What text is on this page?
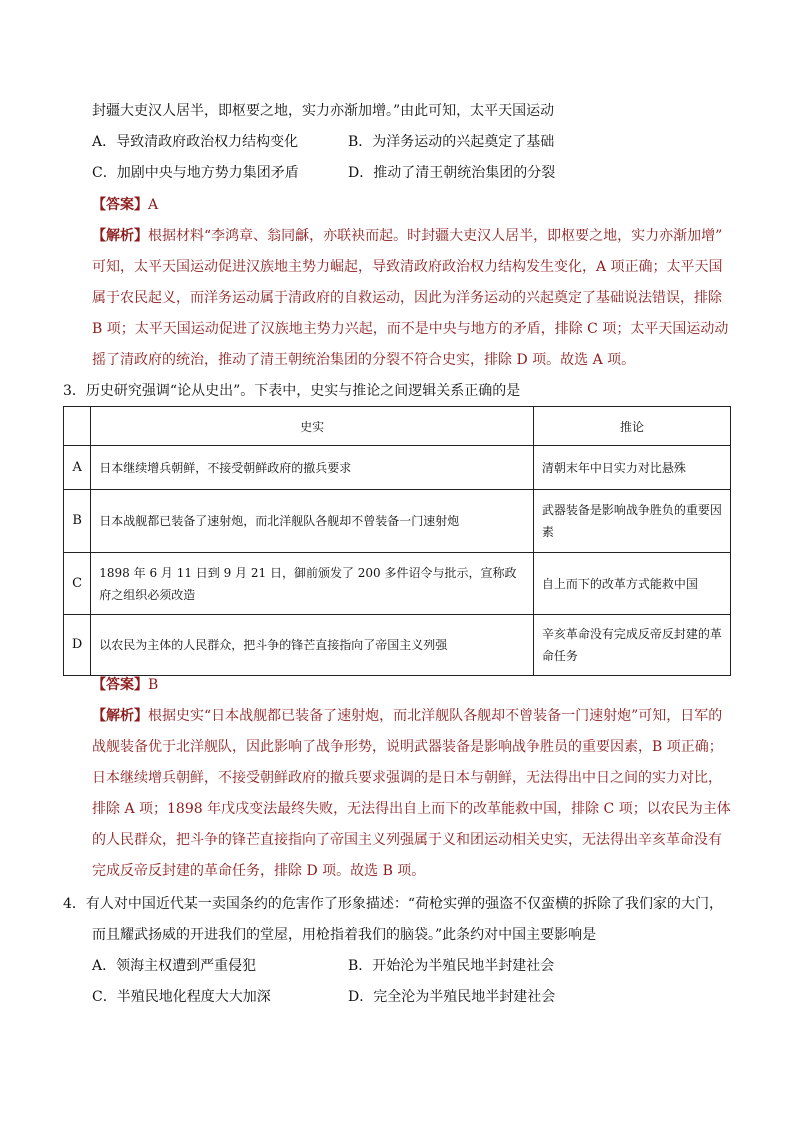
封疆大吏汉人居半，即枢要之地，实力亦渐加增。”由此可知，太平天国运动
A．导致清政府政治权力结构变化	B．为洋务运动的兴起奠定了基础
C．加剧中央与地方势力集团矛盾	D．推动了清王朝统治集团的分裂
【答案】A
【解析】根据材料“李鸿章、翁同龢，亦联袂而起。时封疆大吏汉人居半，即枢要之地，实力亦渐加增”
可知，太平天国运动促进汉族地主势力崛起，导致清政府政治权力结构发生变化，A 项正确；太平天国
属于农民起义，而洋务运动属于清政府的自救运动，因此为洋务运动的兴起奠定了基础说法错误，排除
B 项；太平天国运动促进了汉族地主势力兴起，而不是中央与地方的矛盾，排除 C 项；太平天国运动动
摇了清政府的统治，推动了清王朝统治集团的分裂不符合史实，排除 D 项。故选 A 项。
3．历史研究强调“论从史出”。下表中，史实与推论之间逻辑关系正确的是
	史实	推论
A	日本继续增兵朝鲜，不接受朝鲜政府的撤兵要求	清朝末年中日实力对比悬殊
B	日本战舰都已装备了速射炮，而北洋舰队各舰却不曾装备一门速射炮	武器装备是影响战争胜负的重要因素
C	1898 年 6 月 11 日到 9 月 21 日，御前颁发了 200 多件诏令与批示，宣称政府之组织必须改造	自上而下的改革方式能救中国
D	以农民为主体的人民群众，把斗争的锋芒直接指向了帝国主义列强	辛亥革命没有完成反帝反封建的革命任务
【答案】B
【解析】根据史实“日本战舰都已装备了速射炮，而北洋舰队各舰却不曾装备一门速射炮”可知，日军的
战舰装备优于北洋舰队，因此影响了战争形势，说明武器装备是影响战争胜员的重要因素，B 项正确；
日本继续增兵朝鲜，不接受朝鲜政府的撤兵要求强调的是日本与朝鲜，无法得出中日之间的实力对比，
排除 A 项；1898 年戊戌变法最终失败，无法得出自上而下的改革能救中国，排除 C 项；以农民为主体
的人民群众，把斗争的锋芒直接指向了帝国主义列强属于义和团运动相关史实，无法得出辛亥革命没有
完成反帝反封建的革命任务，排除 D 项。故选 B 项。
4．有人对中国近代某一卖国条约的危害作了形象描述：“荷枪实弹的强盗不仅蛮横的拆除了我们家的大门，
而且耀武扬威的开进我们的堂屋，用枪指着我们的脑袋。”此条约对中国主要影响是
A．领海主权遭到严重侵犯	B．开始沦为半殖民地半封建社会
C．半殖民地化程度大大加深	D．完全沦为半殖民地半封建社会
